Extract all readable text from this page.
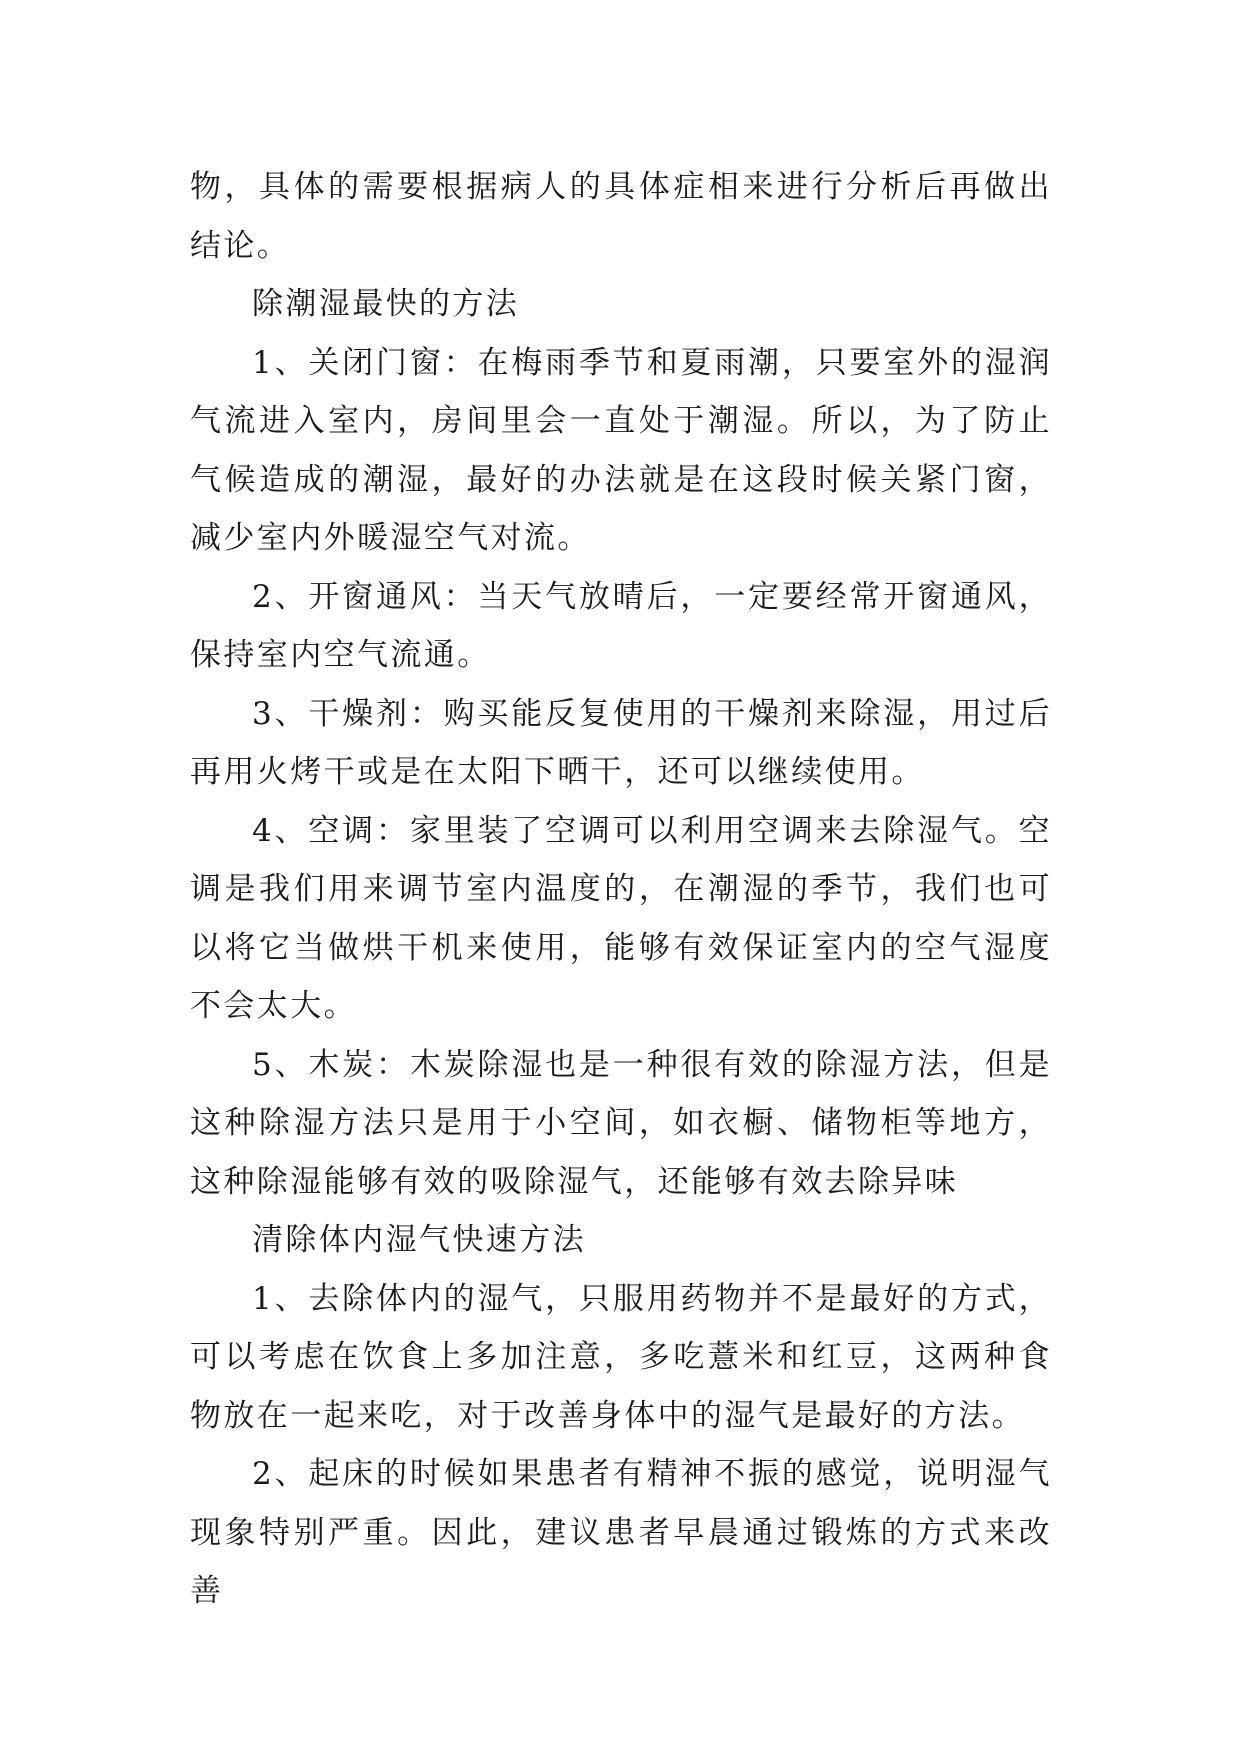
物，具体的需要根据病人的具体症相来进行分析后再做出结论。

除潮湿最快的方法

1、关闭门窗：在梅雨季节和夏雨潮，只要室外的湿润气流进入室内，房间里会一直处于潮湿。所以，为了防止气候造成的潮湿，最好的办法就是在这段时候关紧门窗，减少室内外暖湿空气对流。

2、开窗通风：当天气放晴后，一定要经常开窗通风，保持室内空气流通。

3、干燥剂：购买能反复使用的干燥剂来除湿，用过后再用火烤干或是在太阳下晒干，还可以继续使用。

4、空调：家里装了空调可以利用空调来去除湿气。空调是我们用来调节室内温度的，在潮湿的季节，我们也可以将它当做烘干机来使用，能够有效保证室内的空气湿度不会太大。

5、木炭：木炭除湿也是一种很有效的除湿方法，但是这种除湿方法只是用于小空间，如衣橱、储物柜等地方，这种除湿能够有效的吸除湿气，还能够有效去除异味

清除体内湿气快速方法

1、去除体内的湿气，只服用药物并不是最好的方式，可以考虑在饮食上多加注意，多吃薏米和红豆，这两种食物放在一起来吃，对于改善身体中的湿气是最好的方法。

2、起床的时候如果患者有精神不振的感觉，说明湿气现象特别严重。因此，建议患者早晨通过锻炼的方式来改善
